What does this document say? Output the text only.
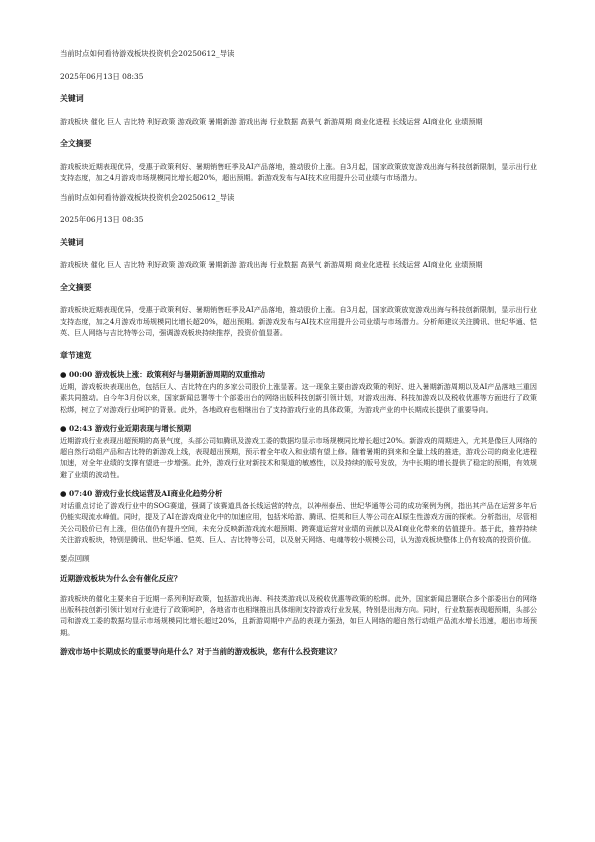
当前时点如何看待游戏板块投资机会20250612_导读

2025年06月13日 08:35

关键词

游戏板块 催化 巨人 吉比特 利好政策 游戏政策 暑期新游 游戏出海 行业数据 高景气 新游周期 商业化进程 长线运营 AI商业化 业绩预期

全文摘要

游戏板块近期表现优异，受惠于政策利好、暑期销售旺季及AI产品落地，推动股价上涨。自3月起，国家政策放宽游戏出海与科技创新限制，显示出行业支持态度，加之4月游戏市场规模同比增长超20%，超出预期。新游戏发布与AI技术应用提升公司业绩与市场潜力。

当前时点如何看待游戏板块投资机会20250612_导读

2025年06月13日 08:35

关键词

游戏板块 催化 巨人 吉比特 利好政策 游戏政策 暑期新游 游戏出海 行业数据 高景气 新游周期 商业化进程 长线运营 AI商业化 业绩预期

全文摘要

游戏板块近期表现优异，受惠于政策利好、暑期销售旺季及AI产品落地，推动股价上涨。自3月起，国家政策放宽游戏出海与科技创新限制，显示出行业支持态度，加之4月游戏市场规模同比增长超20%，超出预期。新游戏发布与AI技术应用提升公司业绩与市场潜力。分析师建议关注腾讯、世纪华通、恺英、巨人网络与吉比特等公司，强调游戏板块持续推荐，投资价值显著。

章节速览

● 00:00 游戏板块上涨：政策利好与暑期新游周期的双重推动

近期，游戏板块表现出色，包括巨人、吉比特在内的多家公司股价上涨显著。这一现象主要由游戏政策的利好、进入暑期新游周期以及AI产品落地三重因素共同推动。自今年3月份以来，国家新闻总署等十个部委出台的网络出版科技创新引领计划，对游戏出海、科技加游戏以及税收优惠等方面进行了政策松绑，树立了对游戏行业呵护的背景。此外，各地政府也相继出台了支持游戏行业的具体政策，为游戏产业的中长期成长提供了重要导向。

● 02:43 游戏行业近期表现与增长预期

近期游戏行业表现出超预期的高景气度，头部公司如腾讯及游戏工委的数据均显示市场规模同比增长超过20%。新游戏的周期进入，尤其是像巨人网络的超自然行动组产品和吉比特的新游戏上线，表现超出预期，预示着全年收入和业绩有望上修。随着暑期的到来和全量上线的推进，游戏公司的商业化进程加速，对全年业绩的支撑有望进一步增强。此外，游戏行业对新技术和渠道的敏感性，以及持续的版号发放，为中长期的增长提供了稳定的预期，有效规避了业绩的波动性。

● 07:40 游戏行业长线运营及AI商业化趋势分析

对话重点讨论了游戏行业中的SOG赛道，强调了该赛道具备长线运营的特点，以神州泰岳、世纪华通等公司的成功案例为例，指出其产品在运营多年后仍能实现流水峰值。同时，提及了AI在游戏商业化中的加速应用，包括米哈游、腾讯、恺英和巨人等公司在AI原生性游戏方面的探索。分析指出，尽管相关公司股价已有上涨，但估值仍有提升空间，未充分反映新游戏流水超预期、跨赛道运营对业绩的贡献以及AI商业化带来的估值提升。基于此，推荐持续关注游戏板块，特别是腾讯、世纪华通、恺英、巨人、吉比特等公司，以及射天网络、电魂等较小规模公司，认为游戏板块整体上仍有较高的投资价值。

要点回顾

近期游戏板块为什么会有催化反应？

游戏板块的催化主要来自于近期一系列利好政策，包括游戏出海、科技类游戏以及税收优惠等政策的松绑。此外，国家新闻总署联合多个部委出台的网络出版科技创新引领计划对行业进行了政策呵护，各地省市也相继推出具体细则支持游戏行业发展，特别是出海方向。同时，行业数据表现超预期，头部公司和游戏工委的数据均显示市场规模同比增长超过20%，且新游周期中产品的表现力强劲，如巨人网络的超自然行动组产品流水增长迅速，超出市场预期。

游戏市场中长期成长的重要导向是什么？对于当前的游戏板块，您有什么投资建议？
